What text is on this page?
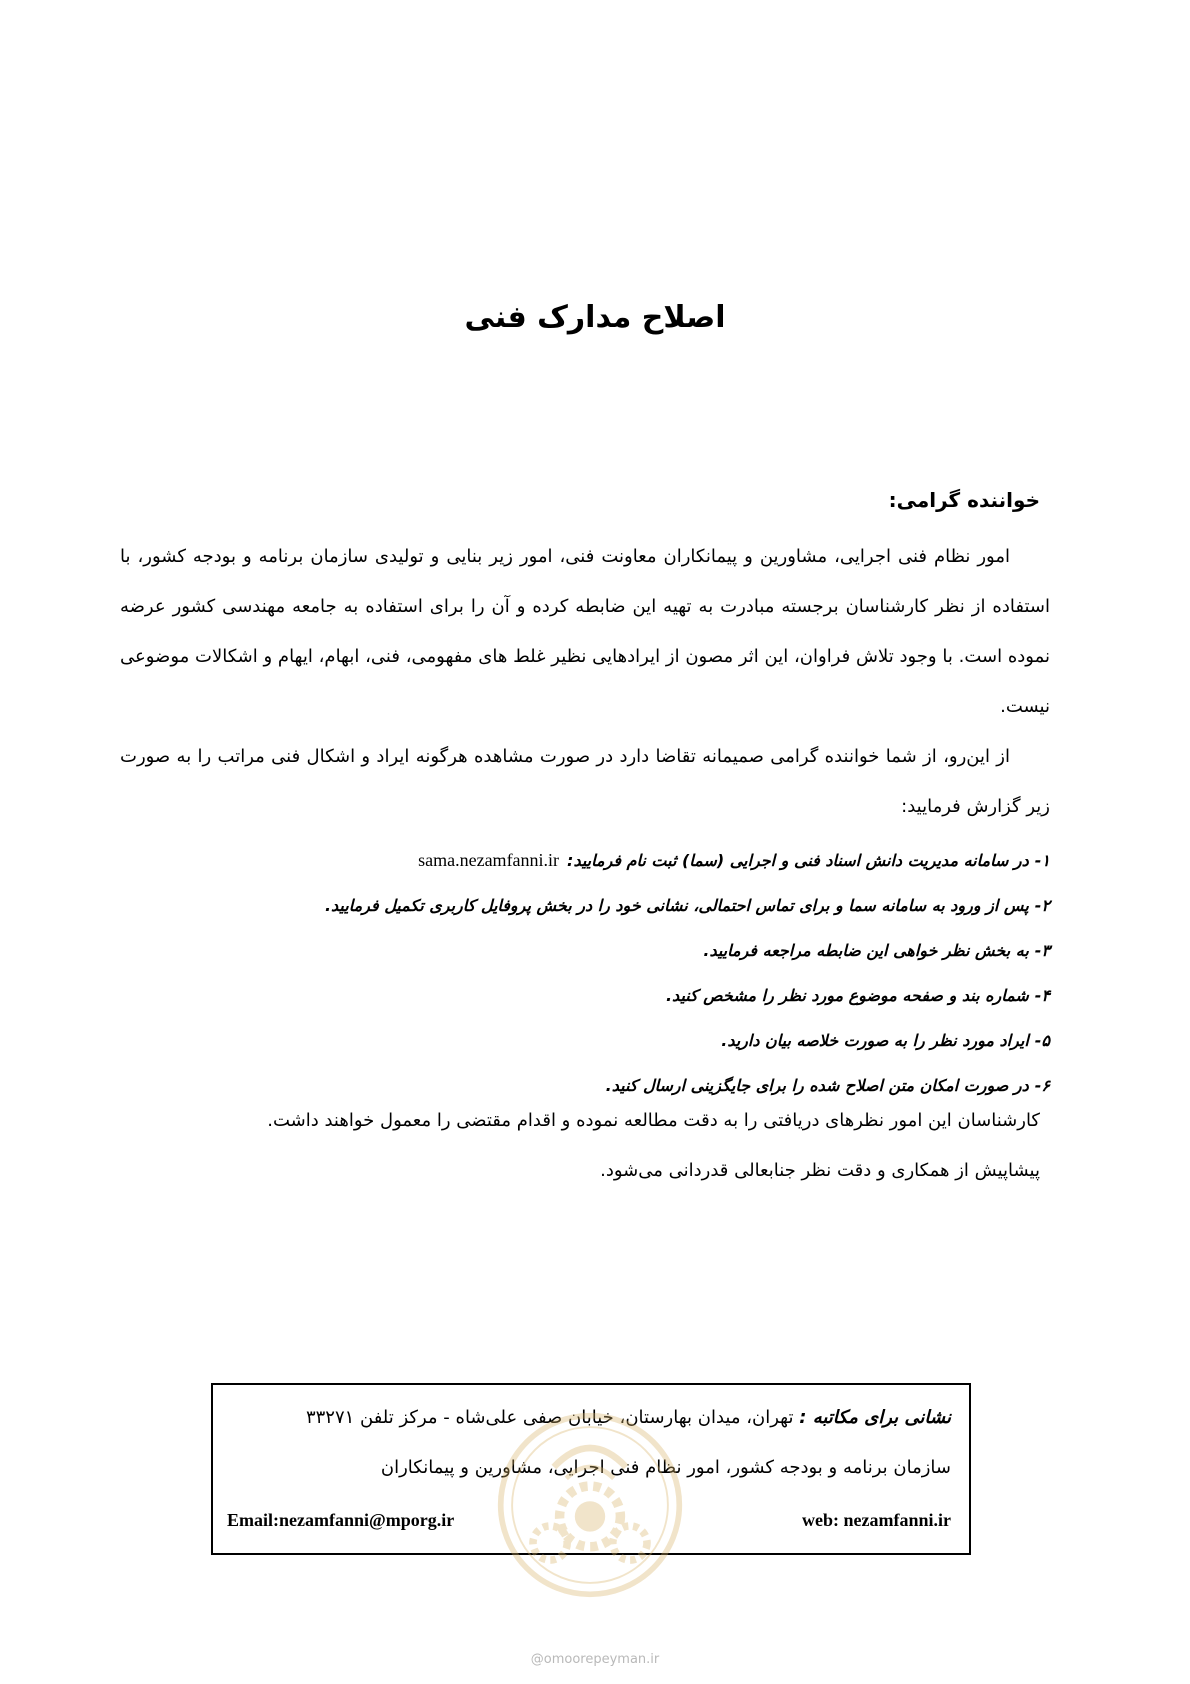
اصلاح مدارک فنی
خواننده گرامی:

امور نظام فنی اجرایی، مشاورین و پیمانکاران معاونت فنی، امور زیر بنایی و تولیدی سازمان برنامه و بودجه کشور، با استفاده از نظر کارشناسان برجسته مبادرت به تهیه این ضابطه کرده و آن را برای استفاده به جامعه مهندسی کشور عرضه نموده است. با وجود تلاش فراوان، این اثر مصون از ایرادهایی نظیر غلط های مفهومی، فنی، ابهام، ایهام و اشکالات موضوعی نیست.

از این‌رو، از شما خواننده گرامی صمیمانه تقاضا دارد در صورت مشاهده هرگونه ایراد و اشکال فنی مراتب را به صورت زیر گزارش فرمایید:

۱-در سامانه مدیریت دانش اسناد فنی و اجرایی (سما) ثبت نام فرمایید:sama.nezamfanni.ir
۲-پس از ورود به سامانه سما و برای تماس احتمالی، نشانی خود را در بخش پروفایل کاربری تکمیل فرمایید.
۳-به بخش نظر خواهی این ضابطه مراجعه فرمایید.
۴-شماره بند و صفحه موضوع مورد نظر را مشخص کنید.
۵-ایراد مورد نظر را به صورت خلاصه بیان دارید.
۶-در صورت امکان متن اصلاح شده را برای جایگزینی ارسال کنید.

کارشناسان این امور نظرهای دریافتی را به دقت مطالعه نموده و اقدام مقتضی را معمول خواهند داشت.

پیشاپیش از همکاری و دقت نظر جنابعالی قدردانی می‌شود.

نشانی برای مکاتبه : تهران، میدان بهارستان، خیابان صفی علی‌شاه - مرکز تلفن ۳۳۲۷۱
سازمان برنامه و بودجه کشور، امور نظام فنی اجرایی، مشاورین و پیمانکاران
web: nezamfanni.ir
Email:nezamfanni@mporg.ir

@omoorepeyman.ir
